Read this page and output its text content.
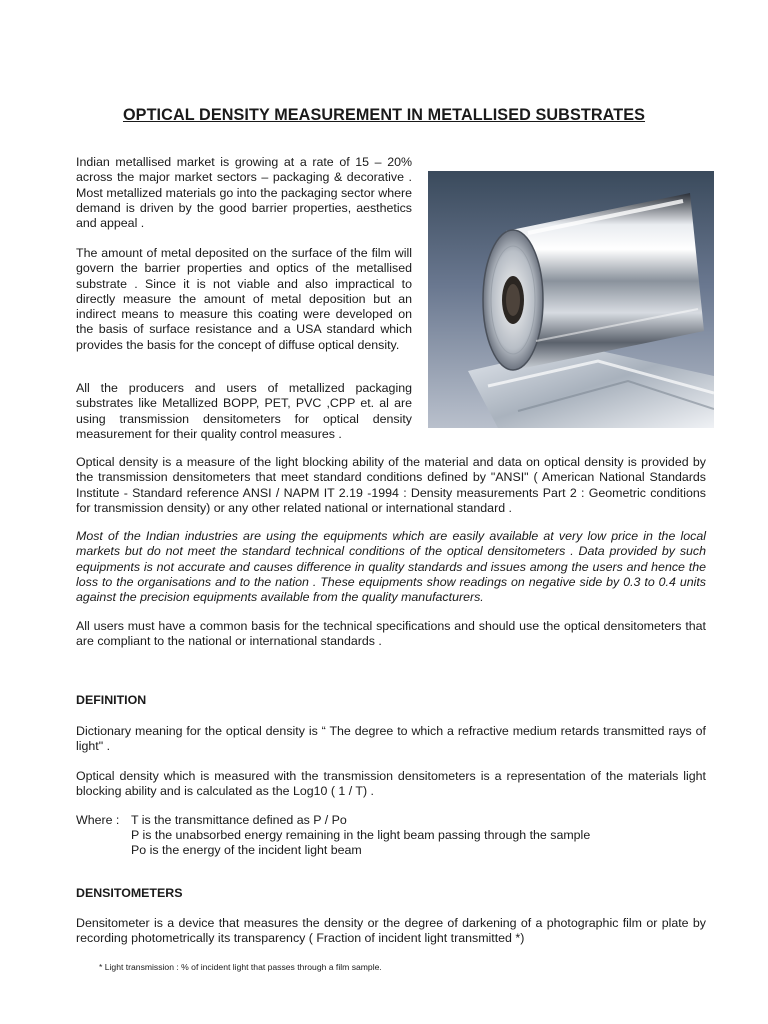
OPTICAL DENSITY MEASUREMENT IN METALLISED SUBSTRATES

Indian metallised market is growing at a rate of 15 – 20% across the major market sectors – packaging & decorative . Most metallized materials go into the packaging sector where demand is driven by the good barrier properties, aesthetics and appeal .

The amount of metal deposited on the surface of the film will govern the barrier properties and optics of the metallised substrate . Since it is not viable and also impractical to directly measure the amount of metal deposition but an indirect means to measure this coating were developed on the basis of surface resistance and a USA standard which provides the basis for the concept of diffuse optical density.

All the producers and users of metallized packaging substrates like Metallized BOPP, PET, PVC ,CPP et. al are using transmission densitometers for optical density measurement for their quality control measures .

Optical density is a measure of the light blocking ability of the material and data on optical density is provided by the transmission densitometers that meet standard conditions defined by "ANSI" ( American National Standards Institute - Standard reference ANSI / NAPM IT 2.19 -1994 : Density measurements Part 2 : Geometric conditions for transmission density) or any other related national or international standard .

Most of the Indian industries are using the equipments which are easily available at very low price in the local markets but do not meet the standard technical conditions of the optical densitometers . Data provided by such equipments is not accurate and causes difference in quality standards and issues among the users and hence the loss to the organisations and to the nation . These equipments show readings on negative side by 0.3 to 0.4 units against the precision equipments available from the quality manufacturers.

All users must have a common basis for the technical specifications and should use the optical densitometers that are compliant to the national or international standards .

DEFINITION

Dictionary meaning for the optical density is “ The degree to which a refractive medium retards transmitted rays of light" .

Optical density which is measured with the transmission densitometers is a representation of the materials light blocking ability and is calculated as the Log10 ( 1 / T) .

Where : T is the transmittance defined as P / Po
P is the unabsorbed energy remaining in the light beam passing through the sample
Po is the energy of the incident light beam
DENSITOMETERS

Densitometer is a device that measures the density or the degree of darkening of a photographic film or plate by recording photometrically its transparency ( Fraction of incident light transmitted *)

* Light transmission : % of incident light that passes through a film sample.
